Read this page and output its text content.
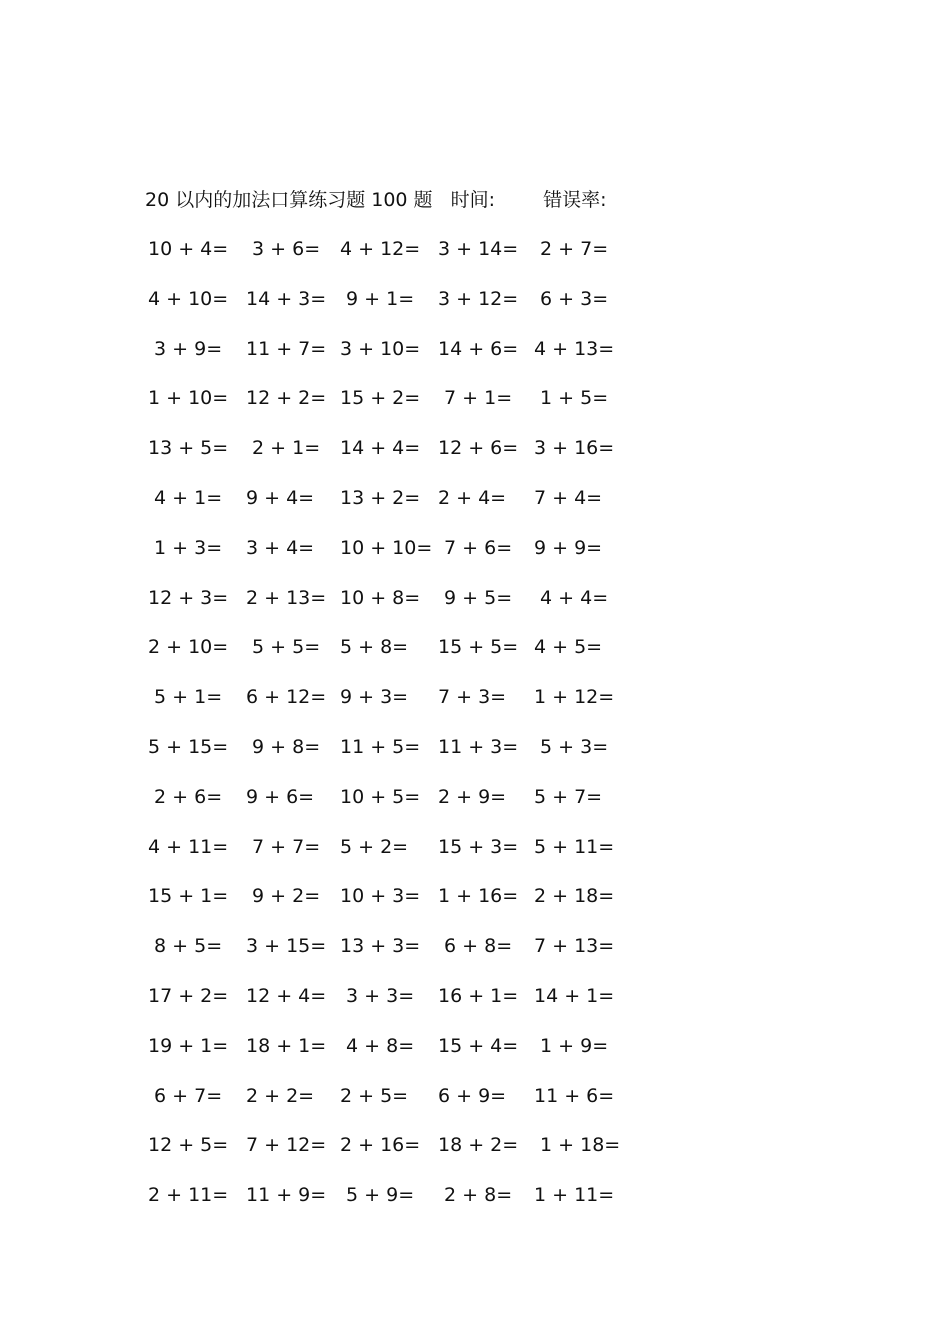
20 以内的加法口算练习题 100 题 时间:	错误率:
10 + 4= 3 + 6= 4 + 12= 3 + 14= 2 + 7=
4 + 10= 14 + 3= 9 + 1= 3 + 12= 6 + 3=
3 + 9= 11 + 7= 3 + 10= 14 + 6= 4 + 13=
1 + 10= 12 + 2= 15 + 2= 7 + 1= 1 + 5=
13 + 5= 2 + 1= 14 + 4= 12 + 6= 3 + 16=
4 + 1= 9 + 4= 13 + 2= 2 + 4= 7 + 4=
1 + 3= 3 + 4= 10 + 10= 7 + 6= 9 + 9=
12 + 3= 2 + 13= 10 + 8= 9 + 5= 4 + 4=
2 + 10= 5 + 5= 5 + 8= 15 + 5= 4 + 5=
5 + 1= 6 + 12= 9 + 3= 7 + 3= 1 + 12=
5 + 15= 9 + 8= 11 + 5= 11 + 3= 5 + 3=
2 + 6= 9 + 6= 10 + 5= 2 + 9= 5 + 7=
4 + 11= 7 + 7= 5 + 2= 15 + 3= 5 + 11=
15 + 1= 9 + 2= 10 + 3= 1 + 16= 2 + 18=
8 + 5= 3 + 15= 13 + 3= 6 + 8= 7 + 13=
17 + 2= 12 + 4= 3 + 3= 16 + 1= 14 + 1=
19 + 1= 18 + 1= 4 + 8= 15 + 4= 1 + 9=
6 + 7= 2 + 2= 2 + 5= 6 + 9= 11 + 6=
12 + 5= 7 + 12= 2 + 16= 18 + 2= 1 + 18=
2 + 11= 11 + 9= 5 + 9= 2 + 8= 1 + 11=
